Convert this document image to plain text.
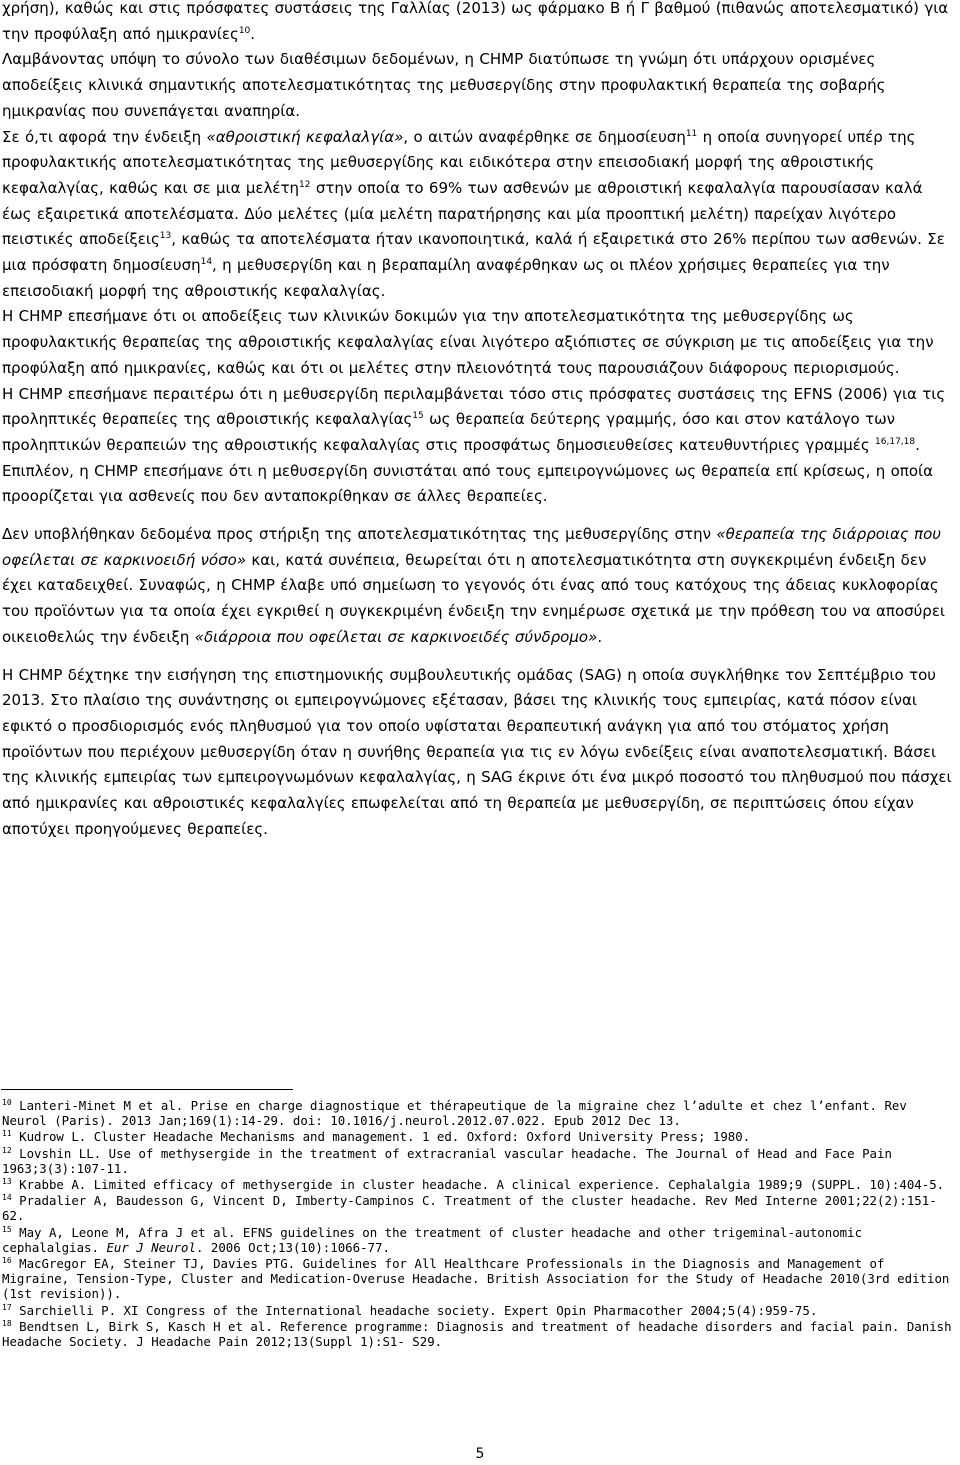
χρήση), καθώς και στις πρόσφατες συστάσεις της Γαλλίας (2013) ως φάρμακο Β ή Γ βαθμού (πιθανώς αποτελεσματικό) για την προφύλαξη από ημικρανίες$^{10}$.

Λαμβάνοντας υπόψη το σύνολο των διαθέσιμων δεδομένων, η CHMP διατύπωσε τη γνώμη ότι υπάρχουν ορισμένες αποδείξεις κλινικά σημαντικής αποτελεσματικότητας της μεθυσεργίδης στην προφυλακτική θεραπεία της σοβαρής ημικρανίας που συνεπάγεται αναπηρία.

Σε ό,τι αφορά την ένδειξη «αθροιστική κεφαλαλγία», ο αιτών αναφέρθηκε σε δημοσίευση$^{11}$ η οποία συνηγορεί υπέρ της προφυλακτικής αποτελεσματικότητας της μεθυσεργίδης και ειδικότερα στην επεισοδιακή μορφή της αθροιστικής κεφαλαλγίας, καθώς και σε μια μελέτη$^{12}$ στην οποία το 69% των ασθενών με αθροιστική κεφαλαλγία παρουσίασαν καλά έως εξαιρετικά αποτελέσματα. Δύο μελέτες (μία μελέτη παρατήρησης και μία προοπτική μελέτη) παρείχαν λιγότερο πειστικές αποδείξεις$^{13}$, καθώς τα αποτελέσματα ήταν ικανοποιητικά, καλά ή εξαιρετικά στο 26% περίπου των ασθενών. Σε μια πρόσφατη δημοσίευση$^{14}$, η μεθυσεργίδη και η βεραπαμίλη αναφέρθηκαν ως οι πλέον χρήσιμες θεραπείες για την επεισοδιακή μορφή της αθροιστικής κεφαλαλγίας.

Η CHMP επεσήμανε ότι οι αποδείξεις των κλινικών δοκιμών για την αποτελεσματικότητα της μεθυσεργίδης ως προφυλακτικής θεραπείας της αθροιστικής κεφαλαλγίας είναι λιγότερο αξιόπιστες σε σύγκριση με τις αποδείξεις για την προφύλαξη από ημικρανίες, καθώς και ότι οι μελέτες στην πλειονότητά τους παρουσιάζουν διάφορους περιορισμούς.

Η CHMP επεσήμανε περαιτέρω ότι η μεθυσεργίδη περιλαμβάνεται τόσο στις πρόσφατες συστάσεις της EFNS (2006) για τις προληπτικές θεραπείες της αθροιστικής κεφαλαλγίας$^{15}$ ως θεραπεία δεύτερης γραμμής, όσο και στον κατάλογο των προληπτικών θεραπειών της αθροιστικής κεφαλαλγίας στις προσφάτως δημοσιευθείσες κατευθυντήριες γραμμές $^{16,17,18}$. Επιπλέον, η CHMP επεσήμανε ότι η μεθυσεργίδη συνιστάται από τους εμπειρογνώμονες ως θεραπεία επί κρίσεως, η οποία προορίζεται για ασθενείς που δεν ανταποκρίθηκαν σε άλλες θεραπείες.

Δεν υποβλήθηκαν δεδομένα προς στήριξη της αποτελεσματικότητας της μεθυσεργίδης στην «θεραπεία της διάρροιας που οφείλεται σε καρκινοειδή νόσο» και, κατά συνέπεια, θεωρείται ότι η αποτελεσματικότητα στη συγκεκριμένη ένδειξη δεν έχει καταδειχθεί. Συναφώς, η CHMP έλαβε υπό σημείωση το γεγονός ότι ένας από τους κατόχους της άδειας κυκλοφορίας του προϊόντων για τα οποία έχει εγκριθεί η συγκεκριμένη ένδειξη την ενημέρωσε σχετικά με την πρόθεση του να αποσύρει οικειοθελώς την ένδειξη «διάρροια που οφείλεται σε καρκινοειδές σύνδρομο».

Η CHMP δέχτηκε την εισήγηση της επιστημονικής συμβουλευτικής ομάδας (SAG) η οποία συγκλήθηκε τον Σεπτέμβριο του 2013. Στο πλαίσιο της συνάντησης οι εμπειρογνώμονες εξέτασαν, βάσει της κλινικής τους εμπειρίας, κατά πόσον είναι εφικτό ο προσδιορισμός ενός πληθυσμού για τον οποίο υφίσταται θεραπευτική ανάγκη για από του στόματος χρήση προϊόντων που περιέχουν μεθυσεργίδη όταν η συνήθης θεραπεία για τις εν λόγω ενδείξεις είναι αναποτελεσματική. Βάσει της κλινικής εμπειρίας των εμπειρογνωμόνων κεφαλαλγίας, η SAG έκρινε ότι ένα μικρό ποσοστό του πληθυσμού που πάσχει από ημικρανίες και αθροιστικές κεφαλαλγίες επωφελείται από τη θεραπεία με μεθυσεργίδη, σε περιπτώσεις όπου είχαν αποτύχει προηγούμενες θεραπείες.

$^{10}$ Lanteri-Minet M et al. Prise en charge diagnostique et thérapeutique de la migraine chez l’adulte et chez l’enfant. Rev Neurol (Paris). 2013 Jan;169(1):14-29. doi: 10.1016/j.neurol.2012.07.022. Epub 2012 Dec 13.
$^{11}$ Kudrow L. Cluster Headache Mechanisms and management. 1 ed. Oxford: Oxford University Press; 1980.
$^{12}$ Lovshin LL. Use of methysergide in the treatment of extracranial vascular headache. The Journal of Head and Face Pain 1963;3(3):107-11.
$^{13}$ Krabbe A. Limited efficacy of methysergide in cluster headache. A clinical experience. Cephalalgia 1989;9 (SUPPL. 10):404-5.
$^{14}$ Pradalier A, Baudesson G, Vincent D, Imberty-Campinos C. Treatment of the cluster headache. Rev Med Interne 2001;22(2):151-62.
$^{15}$ May A, Leone M, Afra J et al. EFNS guidelines on the treatment of cluster headache and other trigeminal-autonomic cephalalgias. Eur J Neurol. 2006 Oct;13(10):1066-77.
$^{16}$ MacGregor EA, Steiner TJ, Davies PTG. Guidelines for All Healthcare Professionals in the Diagnosis and Management of Migraine, Tension-Type, Cluster and Medication-Overuse Headache. British Association for the Study of Headache 2010(3rd edition (1st revision)).
$^{17}$ Sarchielli P. XI Congress of the International headache society. Expert Opin Pharmacother 2004;5(4):959-75.
$^{18}$ Bendtsen L, Birk S, Kasch H et al. Reference programme: Diagnosis and treatment of headache disorders and facial pain. Danish Headache Society. J Headache Pain 2012;13(Suppl 1):S1- S29.
5
